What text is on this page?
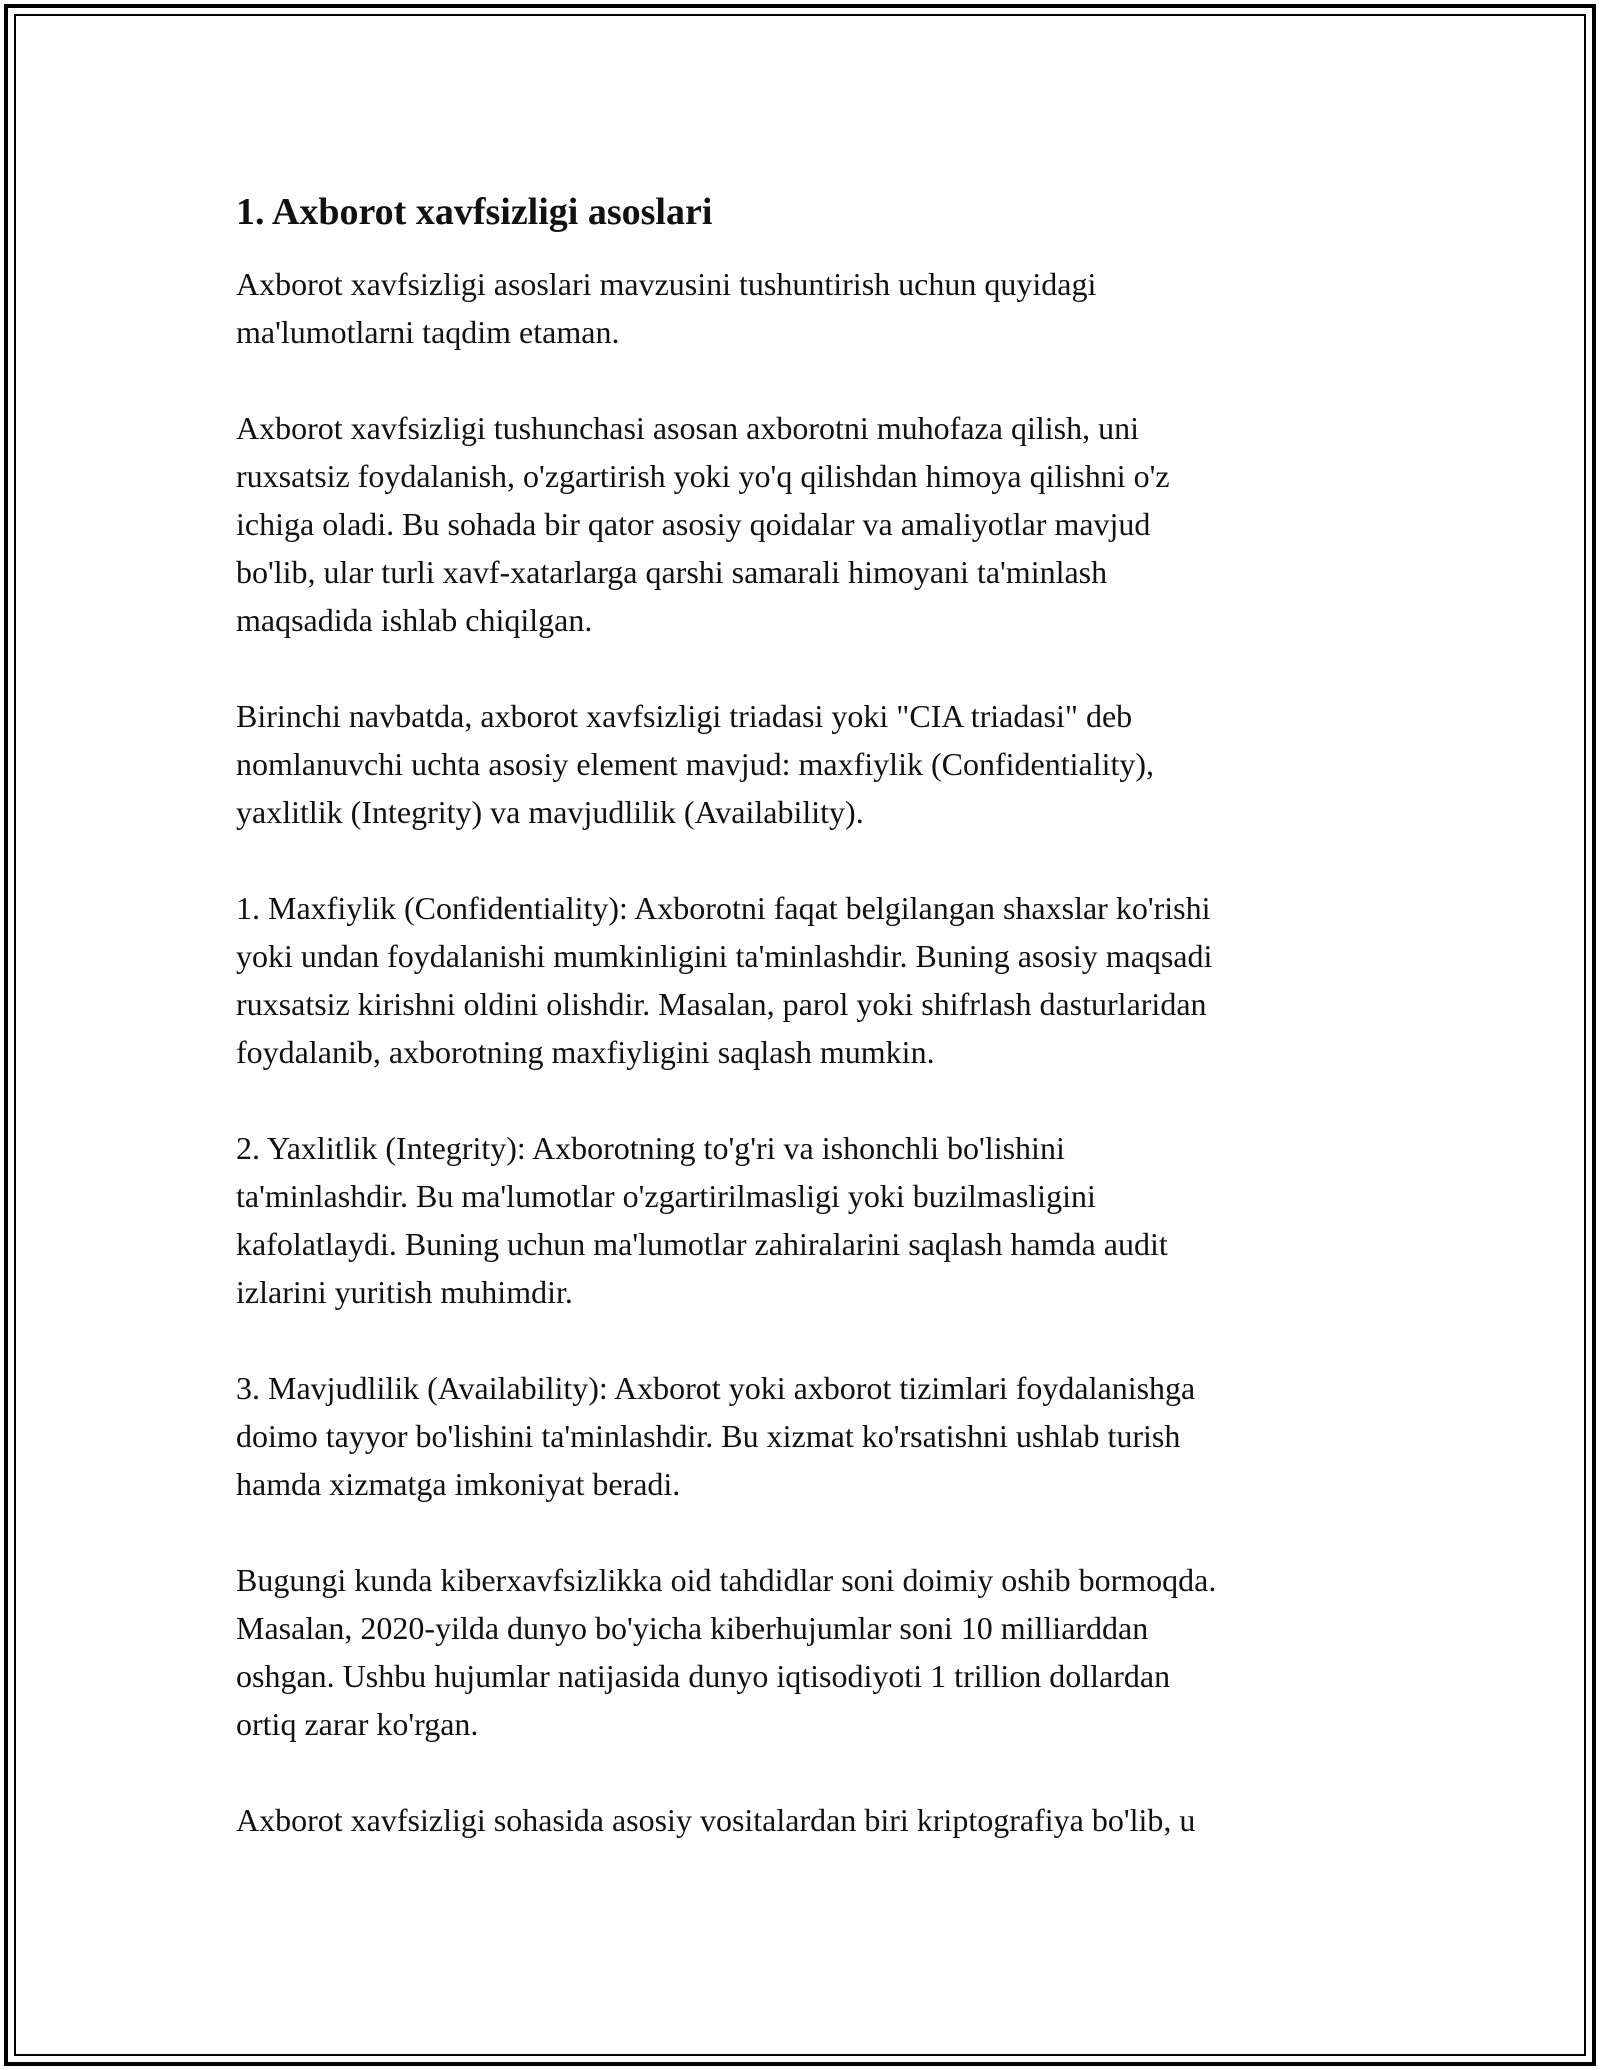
1. Axborot xavfsizligi asoslari

Axborot xavfsizligi asoslari mavzusini tushuntirish uchun quyidagi
ma'lumotlarni taqdim etaman.

Axborot xavfsizligi tushunchasi asosan axborotni muhofaza qilish, uni
ruxsatsiz foydalanish, o'zgartirish yoki yo'q qilishdan himoya qilishni o'z
ichiga oladi. Bu sohada bir qator asosiy qoidalar va amaliyotlar mavjud
bo'lib, ular turli xavf-xatarlarga qarshi samarali himoyani ta'minlash
maqsadida ishlab chiqilgan.

Birinchi navbatda, axborot xavfsizligi triadasi yoki "CIA triadasi" deb
nomlanuvchi uchta asosiy element mavjud: maxfiylik (Confidentiality),
yaxlitlik (Integrity) va mavjudlilik (Availability).

1. Maxfiylik (Confidentiality): Axborotni faqat belgilangan shaxslar ko'rishi
yoki undan foydalanishi mumkinligini ta'minlashdir. Buning asosiy maqsadi
ruxsatsiz kirishni oldini olishdir. Masalan, parol yoki shifrlash dasturlaridan
foydalanib, axborotning maxfiyligini saqlash mumkin.

2. Yaxlitlik (Integrity): Axborotning to'g'ri va ishonchli bo'lishini
ta'minlashdir. Bu ma'lumotlar o'zgartirilmasligi yoki buzilmasligini
kafolatlaydi. Buning uchun ma'lumotlar zahiralarini saqlash hamda audit
izlarini yuritish muhimdir.

3. Mavjudlilik (Availability): Axborot yoki axborot tizimlari foydalanishga
doimo tayyor bo'lishini ta'minlashdir. Bu xizmat ko'rsatishni ushlab turish
hamda xizmatga imkoniyat beradi.

Bugungi kunda kiberxavfsizlikka oid tahdidlar soni doimiy oshib bormoqda.
Masalan, 2020-yilda dunyo bo'yicha kiberhujumlar soni 10 milliarddan
oshgan. Ushbu hujumlar natijasida dunyo iqtisodiyoti 1 trillion dollardan
ortiq zarar ko'rgan.

Axborot xavfsizligi sohasida asosiy vositalardan biri kriptografiya bo'lib, u
